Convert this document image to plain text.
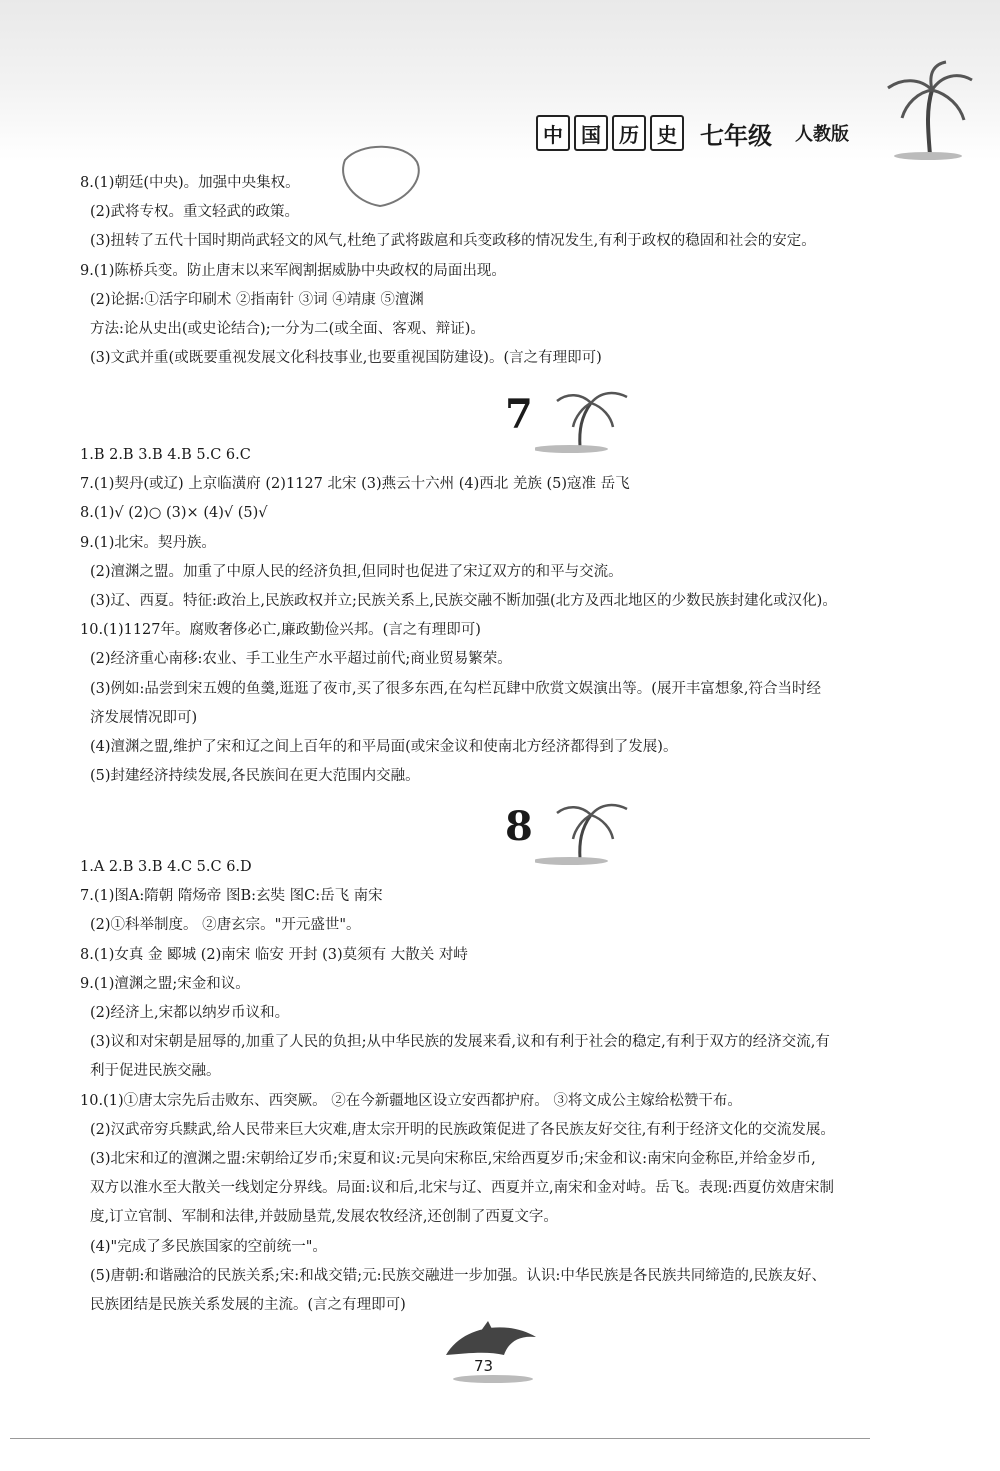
中 国 历 史 七年级 人教版
8.(1)朝廷(中央)。加强中央集权。
(2)武将专权。重文轻武的政策。
(3)扭转了五代十国时期尚武轻文的风气,杜绝了武将跋扈和兵变政移的情况发生,有利于政权的稳固和社会的安定。
9.(1)陈桥兵变。防止唐末以来军阀割据威胁中央政权的局面出现。
(2)论据:①活字印刷术 ②指南针 ③词 ④靖康 ⑤澶渊
方法:论从史出(或史论结合);一分为二(或全面、客观、辩证)。
(3)文武并重(或既要重视发展文化科技事业,也要重视国防建设)。(言之有理即可)
7
1.B 2.B 3.B 4.B 5.C 6.C
7.(1)契丹(或辽) 上京临潢府 (2)1127 北宋 (3)燕云十六州 (4)西北 羌族 (5)寇准 岳飞
8.(1)√ (2)○ (3)× (4)√ (5)√
9.(1)北宋。契丹族。
(2)澶渊之盟。加重了中原人民的经济负担,但同时也促进了宋辽双方的和平与交流。
(3)辽、西夏。特征:政治上,民族政权并立;民族关系上,民族交融不断加强(北方及西北地区的少数民族封建化或汉化)。
10.(1)1127年。腐败奢侈必亡,廉政勤俭兴邦。(言之有理即可)
(2)经济重心南移:农业、手工业生产水平超过前代;商业贸易繁荣。
(3)例如:品尝到宋五嫂的鱼羹,逛逛了夜市,买了很多东西,在勾栏瓦肆中欣赏文娱演出等。(展开丰富想象,符合当时经
济发展情况即可)
(4)澶渊之盟,维护了宋和辽之间上百年的和平局面(或宋金议和使南北方经济都得到了发展)。
(5)封建经济持续发展,各民族间在更大范围内交融。
8
1.A 2.B 3.B 4.C 5.C 6.D
7.(1)图A:隋朝 隋炀帝 图B:玄奘 图C:岳飞 南宋
(2)①科举制度。 ②唐玄宗。"开元盛世"。
8.(1)女真 金 郾城 (2)南宋 临安 开封 (3)莫须有 大散关 对峙
9.(1)澶渊之盟;宋金和议。
(2)经济上,宋都以纳岁币议和。
(3)议和对宋朝是屈辱的,加重了人民的负担;从中华民族的发展来看,议和有利于社会的稳定,有利于双方的经济交流,有
利于促进民族交融。
10.(1)①唐太宗先后击败东、西突厥。 ②在今新疆地区设立安西都护府。 ③将文成公主嫁给松赞干布。
(2)汉武帝穷兵黩武,给人民带来巨大灾难,唐太宗开明的民族政策促进了各民族友好交往,有利于经济文化的交流发展。
(3)北宋和辽的澶渊之盟:宋朝给辽岁币;宋夏和议:元昊向宋称臣,宋给西夏岁币;宋金和议:南宋向金称臣,并给金岁币,
双方以淮水至大散关一线划定分界线。局面:议和后,北宋与辽、西夏并立,南宋和金对峙。岳飞。表现:西夏仿效唐宋制
度,订立官制、军制和法律,并鼓励垦荒,发展农牧经济,还创制了西夏文字。
(4)"完成了多民族国家的空前统一"。
(5)唐朝:和谐融洽的民族关系;宋:和战交错;元:民族交融进一步加强。认识:中华民族是各民族共同缔造的,民族友好、
民族团结是民族关系发展的主流。(言之有理即可)
73
